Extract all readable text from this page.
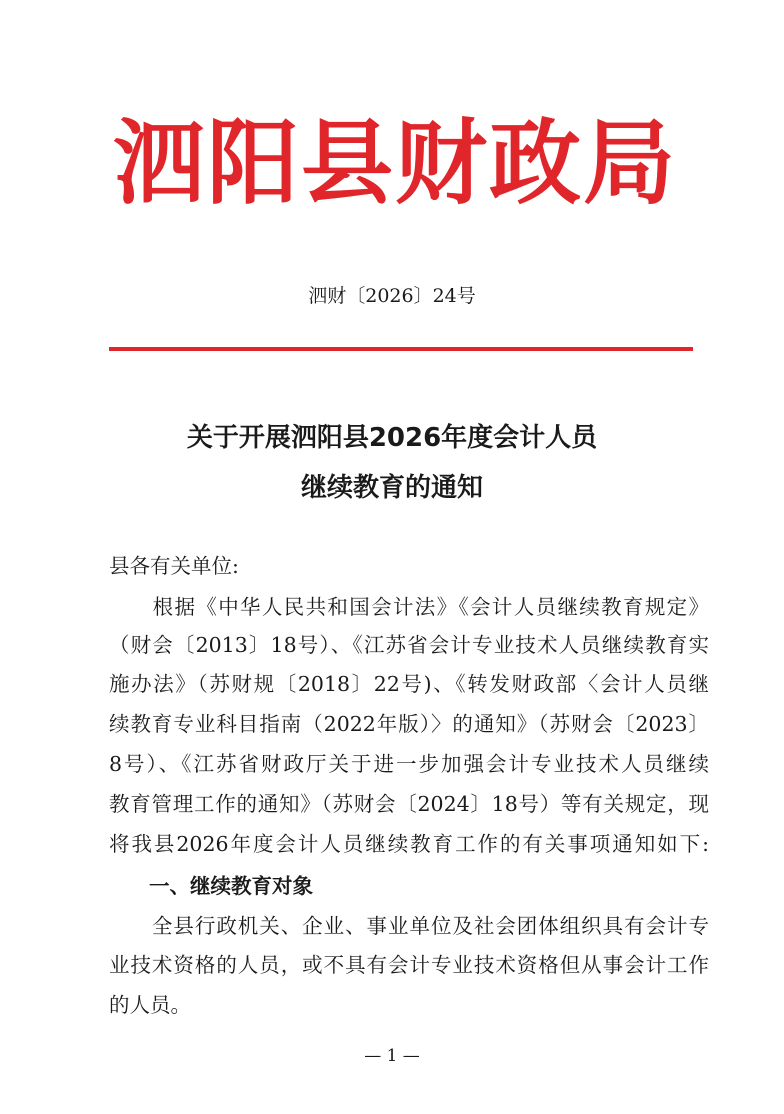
泗阳县财政局
泗财〔2026〕24号
关于开展泗阳县2026年度会计人员
继续教育的通知
县各有关单位:
　　根据《中华人民共和国会计法》《会计人员继续教育规定》
（财会〔2013〕18号）、《江苏省会计专业技术人员继续教育实
施办法》（苏财规〔2018〕22号)、《转发财政部〈会计人员继
续教育专业科目指南（2022年版）〉的通知》（苏财会〔2023〕
8号）、《江苏省财政厅关于进一步加强会计专业技术人员继续
教育管理工作的通知》（苏财会〔2024〕18号）等有关规定，现
将我县2026年度会计人员继续教育工作的有关事项通知如下:
一、继续教育对象
　　全县行政机关、企业、事业单位及社会团体组织具有会计专
业技术资格的人员，或不具有会计专业技术资格但从事会计工作
的人员。
— 1 —
